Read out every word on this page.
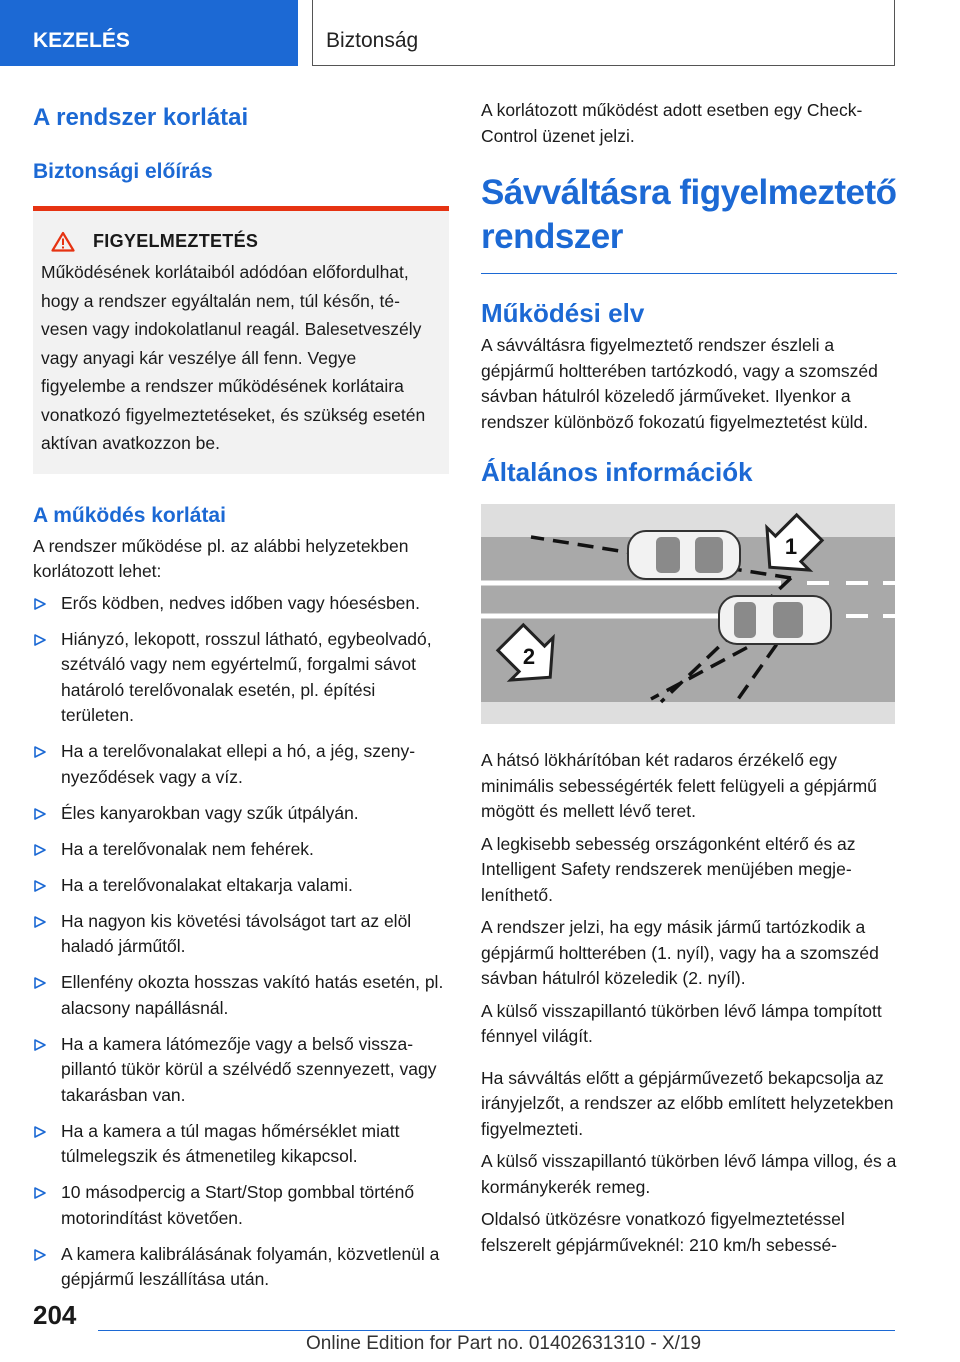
KEZELÉS	Biztonság
A rendszer korlátai
Biztonsági előírás
FIGYELMEZTETÉS

Működésének korlátaiból adódóan előfordulhat, hogy a rendszer egyáltalán nem, túl későn, tévesen vagy indokolatlanul reagál. Balesetveszély vagy anyagi kár veszélye áll fenn. Vegye figyelembe a rendszer működésének korlátaira vonatkozó figyelmeztetéseket, és szükség esetén aktívan avatkozzon be.

A működés korlátai

A rendszer működése pl. az alábbi helyzetekben korlátozott lehet:

Erős ködben, nedves időben vagy hóesésben.
Hiányzó, lekopott, rosszul látható, egybeolvadó, szétváló vagy nem egyértelmű, forgalmi sávot határoló terelővonalak esetén, pl. építési területen.
Ha a terelővonalakat ellepi a hó, a jég, szenynyeződések vagy a víz.
Éles kanyarokban vagy szűk útpályán.
Ha a terelővonalak nem fehérek.
Ha a terelővonalakat eltakarja valami.
Ha nagyon kis követési távolságot tart az elöl haladó járműtől.
Ellenfény okozta hosszas vakító hatás esetén, pl. alacsony napállásnál.
Ha a kamera látómezője vagy a belső visszapillantó tükör körül a szélvédő szennyezett, vagy takarásban van.
Ha a kamera a túl magas hőmérséklet miatt túlmelegszik és átmenetileg kikapcsol.
10 másodpercig a Start/Stop gombbal történő motorindítást követően.
A kamera kalibrálásának folyamán, közvetlenül a gépjármű leszállítása után.

A korlátozott működést adott esetben egy Check-Control üzenet jelzi.

Sávváltásra figyelmeztető rendszer
Működési elv

A sávváltásra figyelmeztető rendszer észleli a gépjármű holtterében tartózkodó, vagy a szomszéd sávban hátulról közeledő járműveket. Ilyenkor a rendszer különböző fokozatú figyelmeztetést küld.

Általános információk
1
2

A hátsó lökhárítóban két radaros érzékelő egy minimális sebességérték felett felügyeli a gépjármű mögött és mellett lévő teret.

A legkisebb sebesség országonként eltérő és az Intelligent Safety rendszerek menüjében megjeleníthető.

A rendszer jelzi, ha egy másik jármű tartózkodik a gépjármű holtterében (1. nyíl), vagy ha a szomszéd sávban hátulról közeledik (2. nyíl).

A külső visszapillantó tükörben lévő lámpa tompított fénnyel világít.

Ha sávváltás előtt a gépjárművezető bekapcsolja az irányjelzőt, a rendszer az előbb említett helyzetekben figyelmezteti.

A külső visszapillantó tükörben lévő lámpa villog, és a kormánykerék remeg.

Oldalsó ütközésre vonatkozó figyelmeztetéssel felszerelt gépjárműveknél: 210 km/h sebessé-

204
Online Edition for Part no. 01402631310 - X/19
